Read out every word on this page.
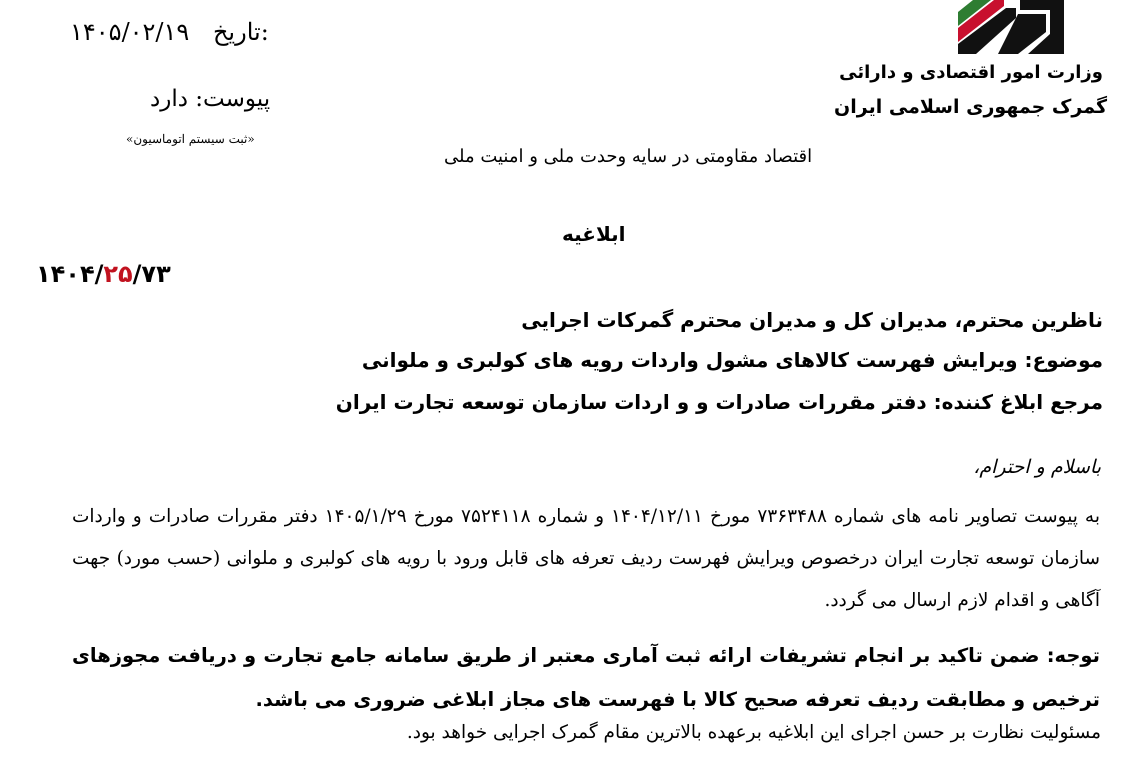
وزارت امور اقتصادی و دارائی
گمرک جمهوری اسلامی ایران
۱۴۰۵/۰۲/۱۹ تاریخ:
پیوست: دارد
«ثبت سیستم اتوماسیون»
اقتصاد مقاومتی در سایه وحدت ملی و امنیت ملی
ابلاغیه
۱۴۰۴/۲۵/۷۳
ناظرین محترم، مدیران کل و مدیران محترم گمرکات اجرایی
موضوع: ویرایش فهرست کالاهای مشول واردات رویه های کولبری و ملوانی
مرجع ابلاغ کننده: دفتر مقررات صادرات و و اردات سازمان توسعه تجارت ایران
باسلام و احترام،
به پیوست تصاویر نامه های شماره ۷۳۶۳۴۸۸ مورخ ۱۴۰۴/۱۲/۱۱ و شماره ۷۵۲۴۱۱۸ مورخ ۱۴۰۵/۱/۲۹ دفتر مقررات صادرات و واردات سازمان توسعه تجارت ایران درخصوص ویرایش فهرست ردیف تعرفه های قابل ورود با رویه های کولبری و ملوانی (حسب مورد) جهت آگاهی و اقدام لازم ارسال می گردد.
توجه: ضمن تاکید بر انجام تشریفات ارائه ثبت آماری معتبر از طریق سامانه جامع تجارت و دریافت مجوزهای ترخیص و مطابقت ردیف تعرفه صحیح کالا با فهرست های مجاز ابلاغی ضروری می باشد.
مسئولیت نظارت بر حسن اجرای این ابلاغیه برعهده بالاترین مقام گمرک اجرایی خواهد بود.
